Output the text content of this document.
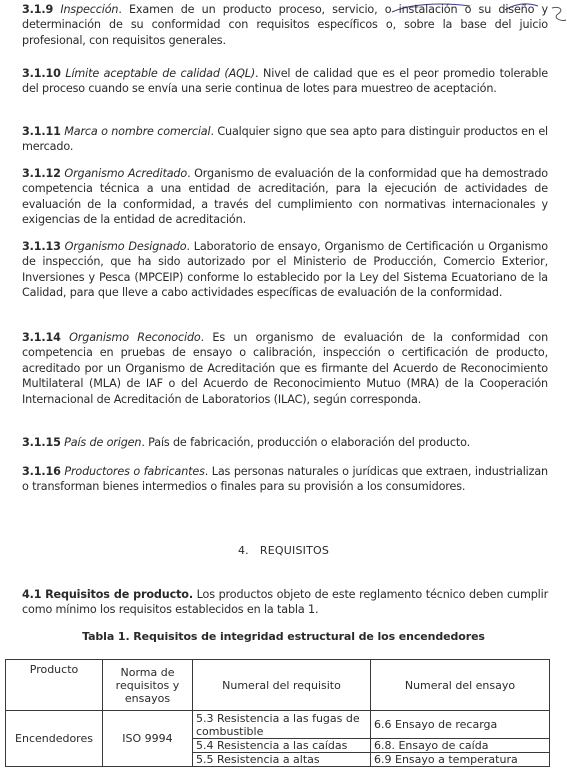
3.1.9 Inspección. Examen de un producto proceso, servicio, o instalación o su diseño y determinación de su conformidad con requisitos específicos o, sobre la base del juicio profesional, con requisitos generales.
3.1.10 Límite aceptable de calidad (AQL). Nivel de calidad que es el peor promedio tolerable del proceso cuando se envía una serie continua de lotes para muestreo de aceptación.
3.1.11 Marca o nombre comercial. Cualquier signo que sea apto para distinguir productos en el mercado.
3.1.12 Organismo Acreditado. Organismo de evaluación de la conformidad que ha demostrado competencia técnica a una entidad de acreditación, para la ejecución de actividades de evaluación de la conformidad, a través del cumplimiento con normativas internacionales y exigencias de la entidad de acreditación.
3.1.13 Organismo Designado. Laboratorio de ensayo, Organismo de Certificación u Organismo de inspección, que ha sido autorizado por el Ministerio de Producción, Comercio Exterior, Inversiones y Pesca (MPCEIP) conforme lo establecido por la Ley del Sistema Ecuatoriano de la Calidad, para que lleve a cabo actividades específicas de evaluación de la conformidad.
3.1.14 Organismo Reconocido. Es un organismo de evaluación de la conformidad con competencia en pruebas de ensayo o calibración, inspección o certificación de producto, acreditado por un Organismo de Acreditación que es firmante del Acuerdo de Reconocimiento Multilateral (MLA) de IAF o del Acuerdo de Reconocimiento Mutuo (MRA) de la Cooperación Internacional de Acreditación de Laboratorios (ILAC), según corresponda.
3.1.15 País de origen. País de fabricación, producción o elaboración del producto.
3.1.16 Productores o fabricantes. Las personas naturales o jurídicas que extraen, industrializan o transforman bienes intermedios o finales para su provisión a los consumidores.
4.   REQUISITOS
4.1 Requisitos de producto. Los productos objeto de este reglamento técnico deben cumplir como mínimo los requisitos establecidos en la tabla 1.
Tabla 1. Requisitos de integridad estructural de los encendedores
Producto	Norma de requisitos y ensayos	Numeral del requisito	Numeral del ensayo
Encendedores	ISO 9994	5.3 Resistencia a las fugas de combustible	6.6 Ensayo de recarga
		5.4 Resistencia a las caídas	6.8. Ensayo de caída
		5.5 Resistencia a altas	6.9 Ensayo a temperatura
